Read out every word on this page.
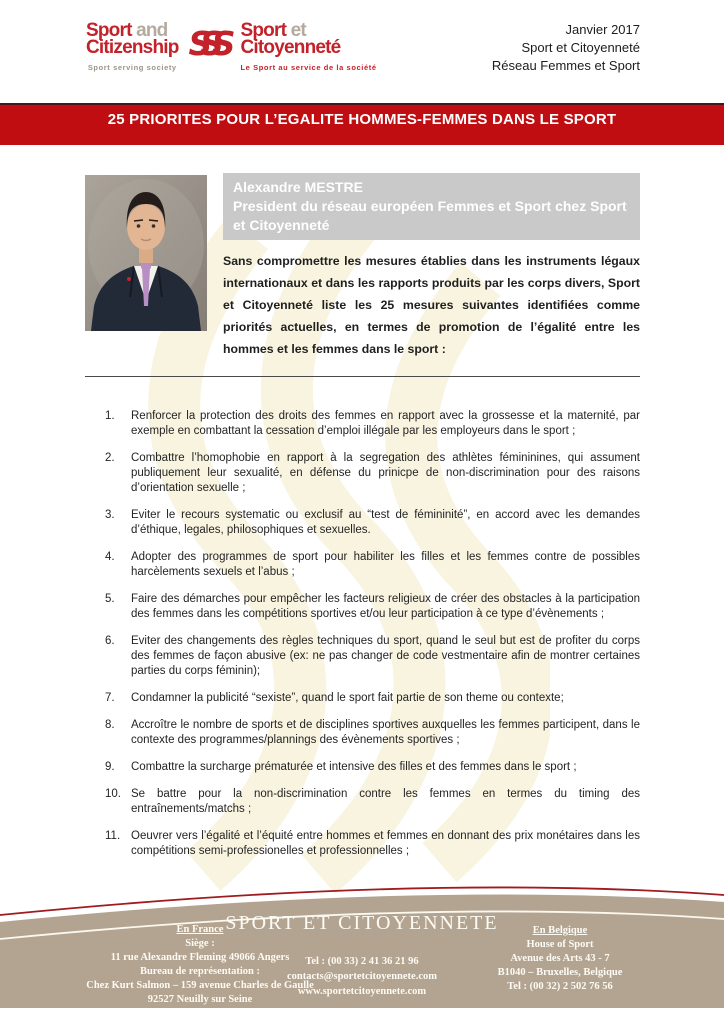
Sport and
Citizenship
Sport serving society
SSS Sport et
Citoyenneté
Le Sport au service de la société
Janvier 2017
Sport et Citoyenneté
Réseau Femmes et Sport
25 PRIORITES POUR L’EGALITE HOMMES-FEMMES DANS LE SPORT
Alexandre MESTRE
President du réseau européen Femmes et Sport chez Sport et Citoyenneté

Sans compromettre les mesures établies dans les instruments légaux internationaux et dans les rapports produits par les corps divers, Sport et Citoyenneté liste les 25 mesures suivantes identifiées comme priorités actuelles, en termes de promotion de l’égalité entre les hommes et les femmes dans le sport :

1.	Renforcer la protection des droits des femmes en rapport avec la grossesse et la maternité, par exemple en combattant la cessation d’emploi illégale par les employeurs dans le sport ;
2.	Combattre l’homophobie en rapport à la segregation des athlètes fémininines, qui assument publiquement leur sexualité, en défense du prinicpe de non-discrimination pour des raisons d’orientation sexuelle ;
3.	Eviter le recours systematic ou exclusif au “test de fémininité”, en accord avec les demandes d’éthique, legales, philosophiques et sexuelles.
4.	Adopter des programmes de sport pour habiliter les filles et les femmes contre de possibles harcèlements sexuels et l’abus ;
5.	Faire des démarches pour empêcher les facteurs religieux de créer des obstacles à la participation des femmes dans les compétitions sportives et/ou leur participation à ce type d’évènements ;
6.	Eviter des changements des règles techniques du sport, quand le seul but est de profiter du corps des femmes de façon abusive (ex: ne pas changer de code vestmentaire afin de montrer certaines parties du corps féminin);
7.	Condamner la publicité “sexiste”, quand le sport fait partie de son theme ou contexte;
8.	Accroître le nombre de sports et de disciplines sportives auxquelles les femmes participent, dans le contexte des programmes/plannings des évènements sportives ;
9.	Combattre la surcharge prématurée et intensive des filles et des femmes dans le sport ;
10. Se battre pour la non-discrimination contre les femmes en termes du timing des entraînements/matchs ;
11. Oeuvrer vers l’égalité et l’équité entre hommes et femmes en donnant des prix monétaires dans les compétitions semi-professionelles et professionnelles ;
SPORT ET CITOYENNETE
En France
Siège :
11 rue Alexandre Fleming 49066 Angers
Bureau de représentation :
Chez Kurt Salmon – 159 avenue Charles de Gaulle
92527 Neuilly sur Seine
Tel : (00 33) 2 41 36 21 96
contacts@sportetcitoyennete.com
www.sportetcitoyennete.com
En Belgique
House of Sport
Avenue des Arts 43 - 7
B1040 – Bruxelles, Belgique
Tel : (00 32) 2 502 76 56
